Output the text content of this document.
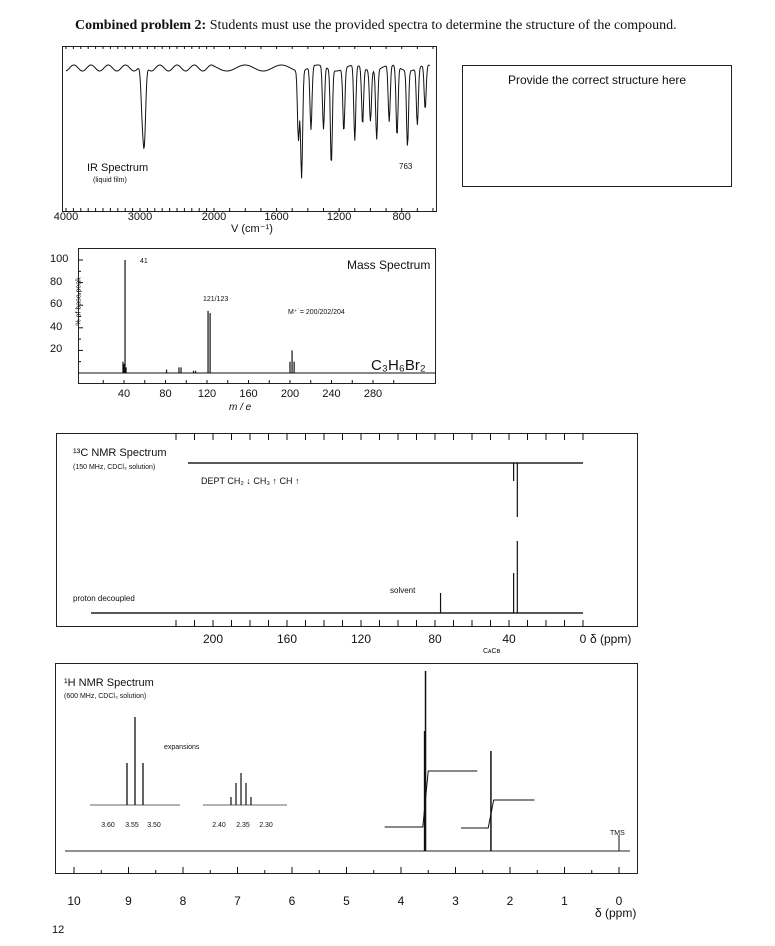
Combined problem 2: Students must use the provided spectra to determine the structure of the compound.
Provide the correct structure here
IR Spectrum
(liquid film)
763
4000	3000	2000	1600	1200	800
V (cm⁻¹)
Mass Spectrum
% of base peak
100
80
60
40
20
40	80 120 160 200 240 280
m / e
41
121/123
M⁺˙= 200/202/204
C₃H₆Br₂
¹³C NMR Spectrum
(150 MHz, CDCl₃ solution)
DEPT CH₂ ↓ CH₃ ↑ CH ↑
proton decoupled
solvent
200	160	120	80	40	0 δ (ppm)
CᴀCʙ
¹H NMR Spectrum
(600 MHz, CDCl₃ solution)
expansions
3.60 3.55 3.50	2.40 2.35 2.30
TMS
10	9	8	7	6	5	4	3	2	1	0
δ (ppm)
12
